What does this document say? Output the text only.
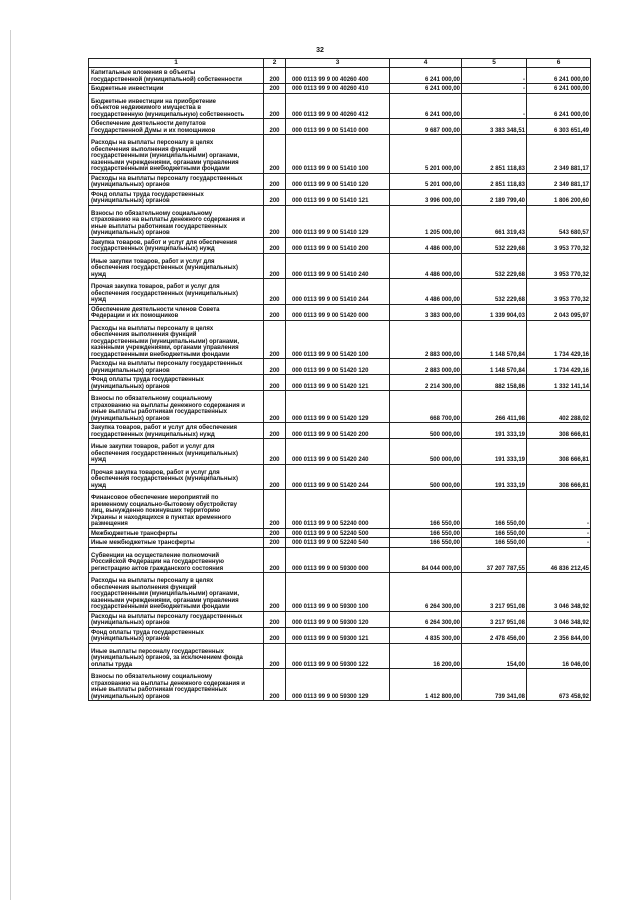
32
1	2	3	4	5	6

Капитальные вложения в объекты
государственной (муниципальной) собственности	200	000 0113 99 9 00 40260 400	6 241 000,00	-	6 241 000,00

Бюджетные инвестиции	200	000 0113 99 9 00 40260 410	6 241 000,00	-	6 241 000,00

Бюджетные инвестиции на приобретение
объектов недвижимого имущества в
государственную (муниципальную) собственность	200	000 0113 99 9 00 40260 412	6 241 000,00	-	6 241 000,00

Обеспечение деятельности депутатов
Государственной Думы и их помощников	200	000 0113 99 9 00 51410 000	9 687 000,00	3 383 348,51	6 303 651,49

Расходы на выплаты персоналу в целях
обеспечения выполнения функций
государственными (муниципальными) органами,
казенными учреждениями, органами управления
государственными внебюджетными фондами	200	000 0113 99 9 00 51410 100	5 201 000,00	2 851 118,83	2 349 881,17

Расходы на выплаты персоналу государственных
(муниципальных) органов	200	000 0113 99 9 00 51410 120	5 201 000,00	2 851 118,83	2 349 881,17

Фонд оплаты труда государственных
(муниципальных) органов	200	000 0113 99 9 00 51410 121	3 996 000,00	2 189 799,40	1 806 200,60

Взносы по обязательному социальному
страхованию на выплаты денежного содержания и
иные выплаты работникам государственных
(муниципальных) органов	200	000 0113 99 9 00 51410 129	1 205 000,00	661 319,43	543 680,57

Закупка товаров, работ и услуг для обеспечения
государственных (муниципальных) нужд	200	000 0113 99 9 00 51410 200	4 486 000,00	532 229,68	3 953 770,32

Иные закупки товаров, работ и услуг для
обеспечения государственных (муниципальных)
нужд	200	000 0113 99 9 00 51410 240	4 486 000,00	532 229,68	3 953 770,32

Прочая закупка товаров, работ и услуг для
обеспечения государственных (муниципальных)
нужд	200	000 0113 99 9 00 51410 244	4 486 000,00	532 229,68	3 953 770,32

Обеспечение деятельности членов Совета
Федерации и их помощников	200	000 0113 99 9 00 51420 000	3 383 000,00	1 339 904,03	2 043 095,97

Расходы на выплаты персоналу в целях
обеспечения выполнения функций
государственными (муниципальными) органами,
казенными учреждениями, органами управления
государственными внебюджетными фондами	200	000 0113 99 9 00 51420 100	2 883 000,00	1 148 570,84	1 734 429,16

Расходы на выплаты персоналу государственных
(муниципальных) органов	200	000 0113 99 9 00 51420 120	2 883 000,00	1 148 570,84	1 734 429,16

Фонд оплаты труда государственных
(муниципальных) органов	200	000 0113 99 9 00 51420 121	2 214 300,00	882 158,86	1 332 141,14

Взносы по обязательному социальному
страхованию на выплаты денежного содержания и
иные выплаты работникам государственных
(муниципальных) органов	200	000 0113 99 9 00 51420 129	668 700,00	266 411,98	402 288,02

Закупка товаров, работ и услуг для обеспечения
государственных (муниципальных) нужд	200	000 0113 99 9 00 51420 200	500 000,00	191 333,19	308 666,81

Иные закупки товаров, работ и услуг для
обеспечения государственных (муниципальных)
нужд	200	000 0113 99 9 00 51420 240	500 000,00	191 333,19	308 666,81

Прочая закупка товаров, работ и услуг для
обеспечения государственных (муниципальных)
нужд	200	000 0113 99 9 00 51420 244	500 000,00	191 333,19	308 666,81

Финансовое обеспечение мероприятий по
временному социально-бытовому обустройству
лиц, вынужденно покинувших территорию
Украины и находящихся в пунктах временного
размещения	200	000 0113 99 9 00 52240 000	166 550,00	166 550,00	-

Межбюджетные трансферты	200	000 0113 99 9 00 52240 500	166 550,00	166 550,00	-

Иные межбюджетные трансферты	200	000 0113 99 9 00 52240 540	166 550,00	166 550,00	-

Субвенции на осуществление полномочий
Российской Федерации на государственную
регистрацию актов гражданского состояния	200	000 0113 99 9 00 59300 000	84 044 000,00	37 207 787,55	46 836 212,45

Расходы на выплаты персоналу в целях
обеспечения выполнения функций
государственными (муниципальными) органами,
казенными учреждениями, органами управления
государственными внебюджетными фондами	200	000 0113 99 9 00 59300 100	6 264 300,00	3 217 951,08	3 046 348,92

Расходы на выплаты персоналу государственных
(муниципальных) органов	200	000 0113 99 9 00 59300 120	6 264 300,00	3 217 951,08	3 046 348,92

Фонд оплаты труда государственных
(муниципальных) органов	200	000 0113 99 9 00 59300 121	4 835 300,00	2 478 456,00	2 356 844,00

Иные выплаты персоналу государственных
(муниципальных) органов, за исключением фонда
оплаты труда	200	000 0113 99 9 00 59300 122	16 200,00	154,00	16 046,00

Взносы по обязательному социальному
страхованию на выплаты денежного содержания и
иные выплаты работникам государственных
(муниципальных) органов	200	000 0113 99 9 00 59300 129	1 412 800,00	739 341,08	673 458,92
